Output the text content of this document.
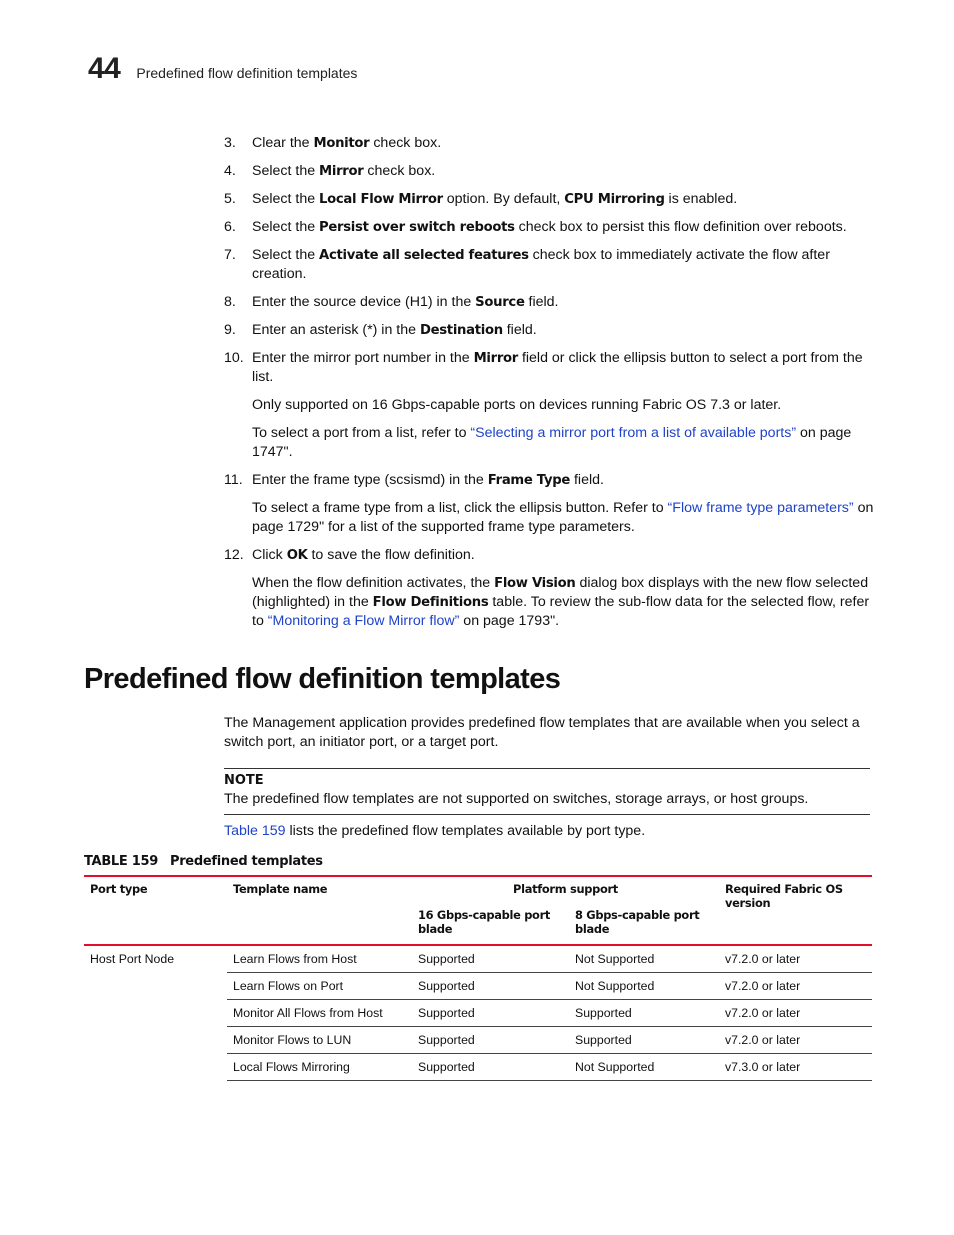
44 Predefined flow definition templates
3.	Clear the Monitor check box.
4.	Select the Mirror check box.
5.	Select the Local Flow Mirror option. By default, CPU Mirroring is enabled.
6.	Select the Persist over switch reboots check box to persist this flow definition over reboots.
7.	Select the Activate all selected features check box to immediately activate the flow after creation.
8.	Enter the source device (H1) in the Source field.
9.	Enter an asterisk (*) in the Destination field.
10. Enter the mirror port number in the Mirror field or click the ellipsis button to select a port from the list.
Only supported on 16 Gbps-capable ports on devices running Fabric OS 7.3 or later.
To select a port from a list, refer to “Selecting a mirror port from a list of available ports” on page 1747".
11. Enter the frame type (scsismd) in the Frame Type field.
To select a frame type from a list, click the ellipsis button. Refer to “Flow frame type parameters” on page 1729" for a list of the supported frame type parameters.
12. Click OK to save the flow definition.
When the flow definition activates, the Flow Vision dialog box displays with the new flow selected (highlighted) in the Flow Definitions table. To review the sub-flow data for the selected flow, refer to “Monitoring a Flow Mirror flow” on page 1793".
Predefined flow definition templates
The Management application provides predefined flow templates that are available when you select a switch port, an initiator port, or a target port.
NOTE
The predefined flow templates are not supported on switches, storage arrays, or host groups.
Table 159 lists the predefined flow templates available by port type.
TABLE 159 Predefined templates
Port type	Template name	Platform support		Required Fabric OS version
		16 Gbps-capable port blade	8 Gbps-capable port blade	
Host Port Node	Learn Flows from Host	Supported	Not Supported	v7.2.0 or later
	Learn Flows on Port	Supported	Not Supported	v7.2.0 or later
	Monitor All Flows from Host	Supported	Supported	v7.2.0 or later
	Monitor Flows to LUN	Supported	Supported	v7.2.0 or later
	Local Flows Mirroring	Supported	Not Supported	v7.3.0 or later
